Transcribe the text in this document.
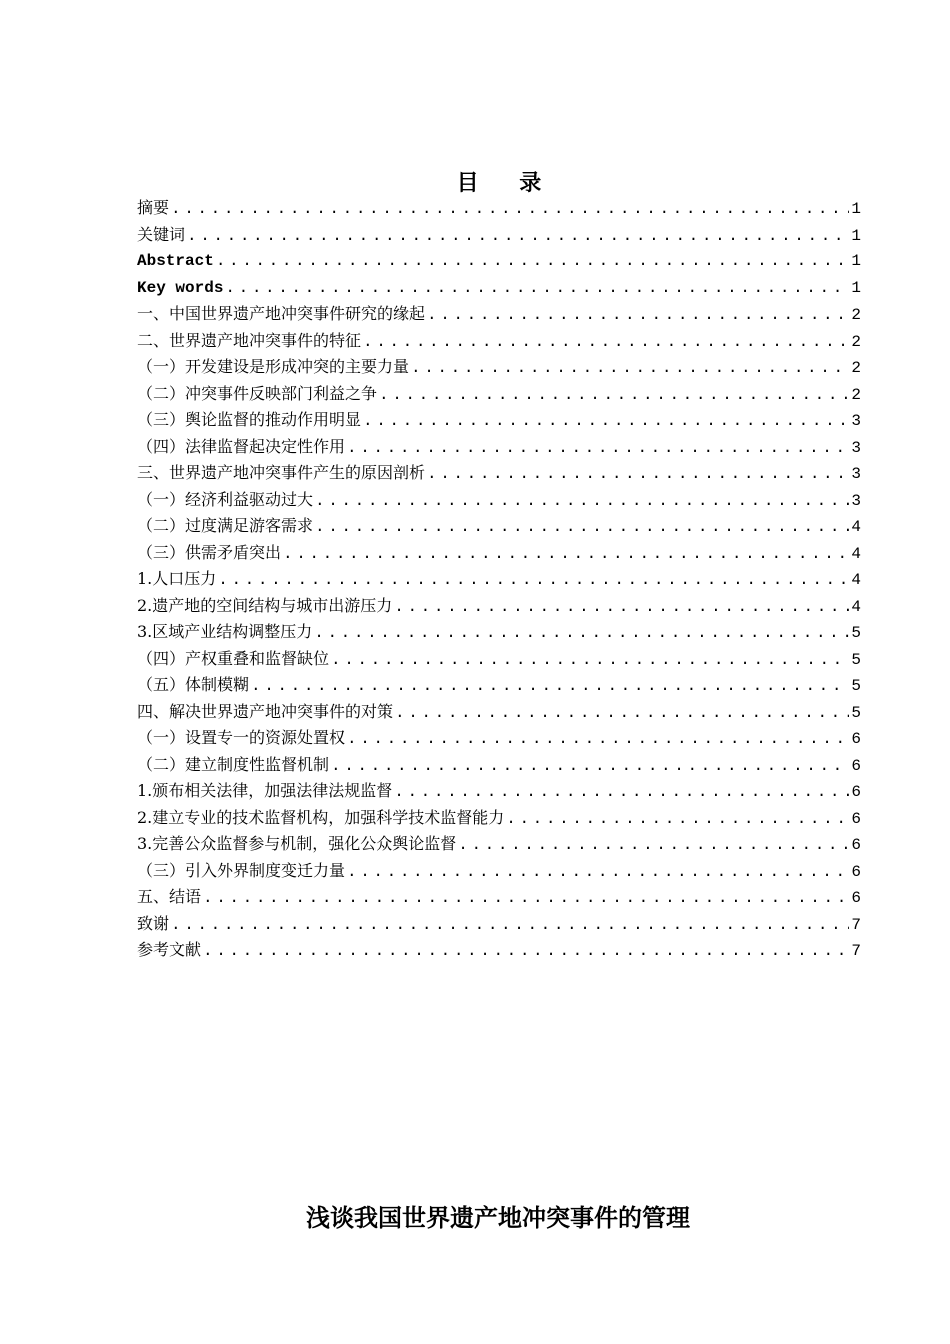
目    录
摘要 .....	1
关键词 .....	1
Abstract .....	1
Key words .....	1
一、中国世界遗产地冲突事件研究的缘起 .....	2
二、世界遗产地冲突事件的特征 .....	2
（一）开发建设是形成冲突的主要力量 .....	2
（二）冲突事件反映部门利益之争 .....	2
（三）舆论监督的推动作用明显 .....	3
（四）法律监督起决定性作用 .....	3
三、世界遗产地冲突事件产生的原因剖析 .....	3
（一）经济利益驱动过大 .....	3
（二）过度满足游客需求 .....	4
（三）供需矛盾突出 .....	4
1.人口压力 .....	4
2.遗产地的空间结构与城市出游压力 .....	4
3.区域产业结构调整压力 .....	5
（四）产权重叠和监督缺位 .....	5
（五）体制模糊 .....	5
四、解决世界遗产地冲突事件的对策 .....	5
（一）设置专一的资源处置权 .....	6
（二）建立制度性监督机制 .....	6
1.颁布相关法律，加强法律法规监督 .....	6
2.建立专业的技术监督机构，加强科学技术监督能力 .....	6
3.完善公众监督参与机制，强化公众舆论监督 .....	6
（三）引入外界制度变迁力量 .....	6
五、结语 .....	6
致谢 .....	7
参考文献 .....	7
浅谈我国世界遗产地冲突事件的管理
